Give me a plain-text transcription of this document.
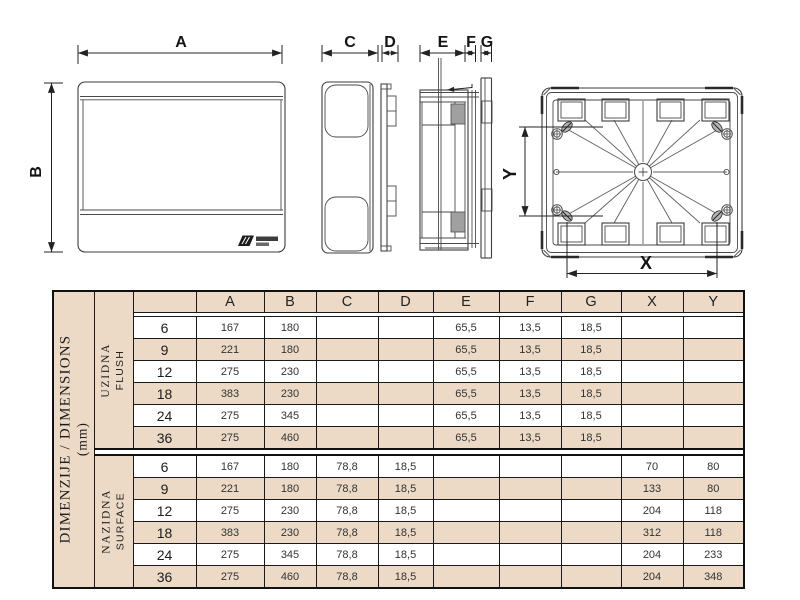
A
B
C D	E F G
X
Y
DIMENZIJE / DIMENSIONS (mm)

UZIDNA FLUSH
		A	B	C	D	E	F	G	X	Y

		6	167	180			65,5	13,5	18,5		
		9	221	180			65,5	13,5	18,5		
		12	275	230			65,5	13,5	18,5		
		18	383	230			65,5	13,5	18,5		
		24	275	345			65,5	13,5	18,5		
		36	275	460			65,5	13,5	18,5		

	NAZIDNA SURFACE	6	167	180	78,8	18,5				70	80
		9	221	180	78,8	18,5				133	80
		12	275	230	78,8	18,5				204	118
		18	383	230	78,8	18,5				312	118
		24	275	345	78,8	18,5				204	233
		36	275	460	78,8	18,5				204	348
